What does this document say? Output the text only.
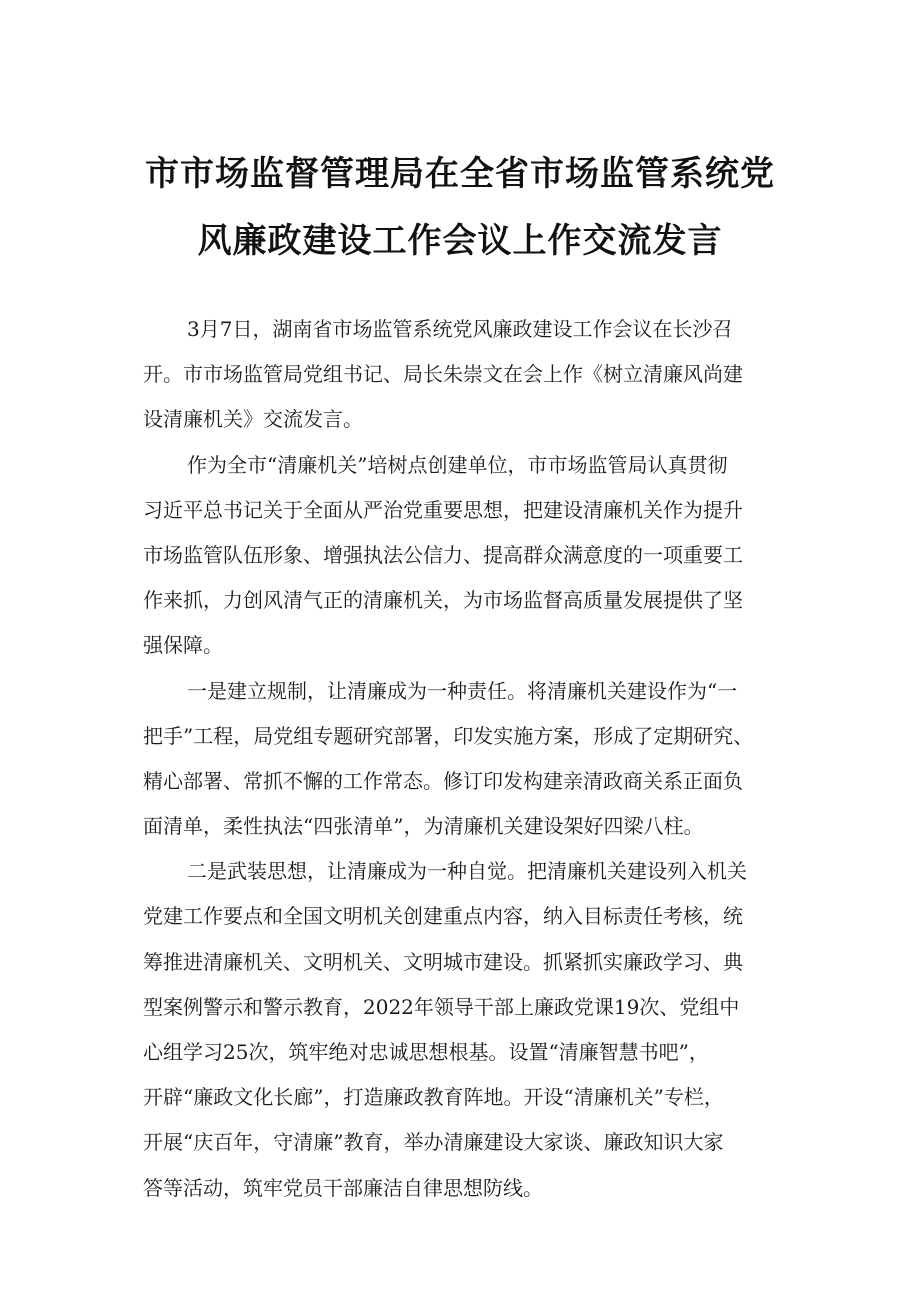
市市场监督管理局在全省市场监管系统党
风廉政建设工作会议上作交流发言
3月7日，湖南省市场监管系统党风廉政建设工作会议在长沙召
开。市市场监管局党组书记、局长朱崇文在会上作《树立清廉风尚建
设清廉机关》交流发言。
作为全市“清廉机关”培树点创建单位，市市场监管局认真贯彻
习近平总书记关于全面从严治党重要思想，把建设清廉机关作为提升
市场监管队伍形象、增强执法公信力、提高群众满意度的一项重要工
作来抓，力创风清气正的清廉机关，为市场监督高质量发展提供了坚
强保障。
一是建立规制，让清廉成为一种责任。将清廉机关建设作为“一
把手”工程，局党组专题研究部署，印发实施方案，形成了定期研究、
精心部署、常抓不懈的工作常态。修订印发构建亲清政商关系正面负
面清单，柔性执法“四张清单”，为清廉机关建设架好四梁八柱。
二是武装思想，让清廉成为一种自觉。把清廉机关建设列入机关
党建工作要点和全国文明机关创建重点内容，纳入目标责任考核，统
筹推进清廉机关、文明机关、文明城市建设。抓紧抓实廉政学习、典
型案例警示和警示教育，2022年领导干部上廉政党课19次、党组中
心组学习25次，筑牢绝对忠诚思想根基。设置“清廉智慧书吧”，
开辟“廉政文化长廊”，打造廉政教育阵地。开设“清廉机关”专栏，
开展“庆百年，守清廉”教育，举办清廉建设大家谈、廉政知识大家
答等活动，筑牢党员干部廉洁自律思想防线。
